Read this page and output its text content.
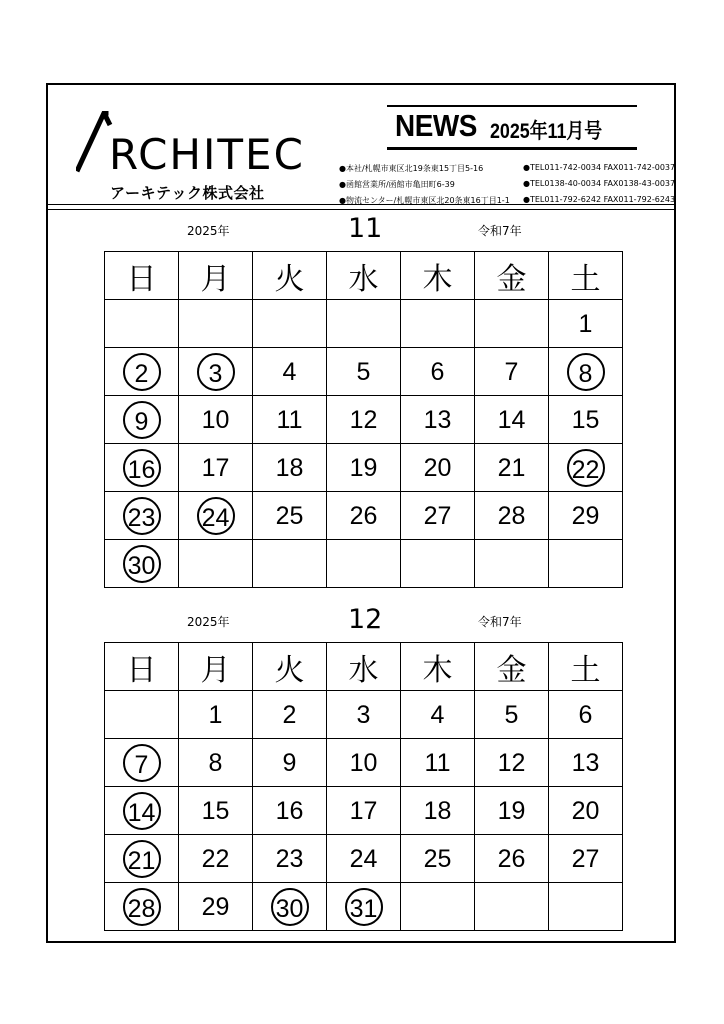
RCHITEC
アーキテック株式会社
NEWS 2025年11月号
●本社/札幌市東区北19条東15丁目5-16	●TEL011-742-0034 FAX011-742-0037
●函館営業所/函館市亀田町6-39	●TEL0138-40-0034 FAX0138-43-0037
●物流センター/札幌市東区北20条東16丁目1-1 ●TEL011-792-6242 FAX011-792-6243
2025年	11	令和7年
日	月	火	水	木	金	土
						1
2	3	4	5	6	7	8
9	10	11	12	13	14	15
16	17	18	19	20	21	22
23	24	25	26	27	28	29
30						
2025年	12	令和7年
日	月	火	水	木	金	土
	1	2	3	4	5	6
7	8	9	10	11	12	13
14	15	16	17	18	19	20
21	22	23	24	25	26	27
28	29	30	31			
